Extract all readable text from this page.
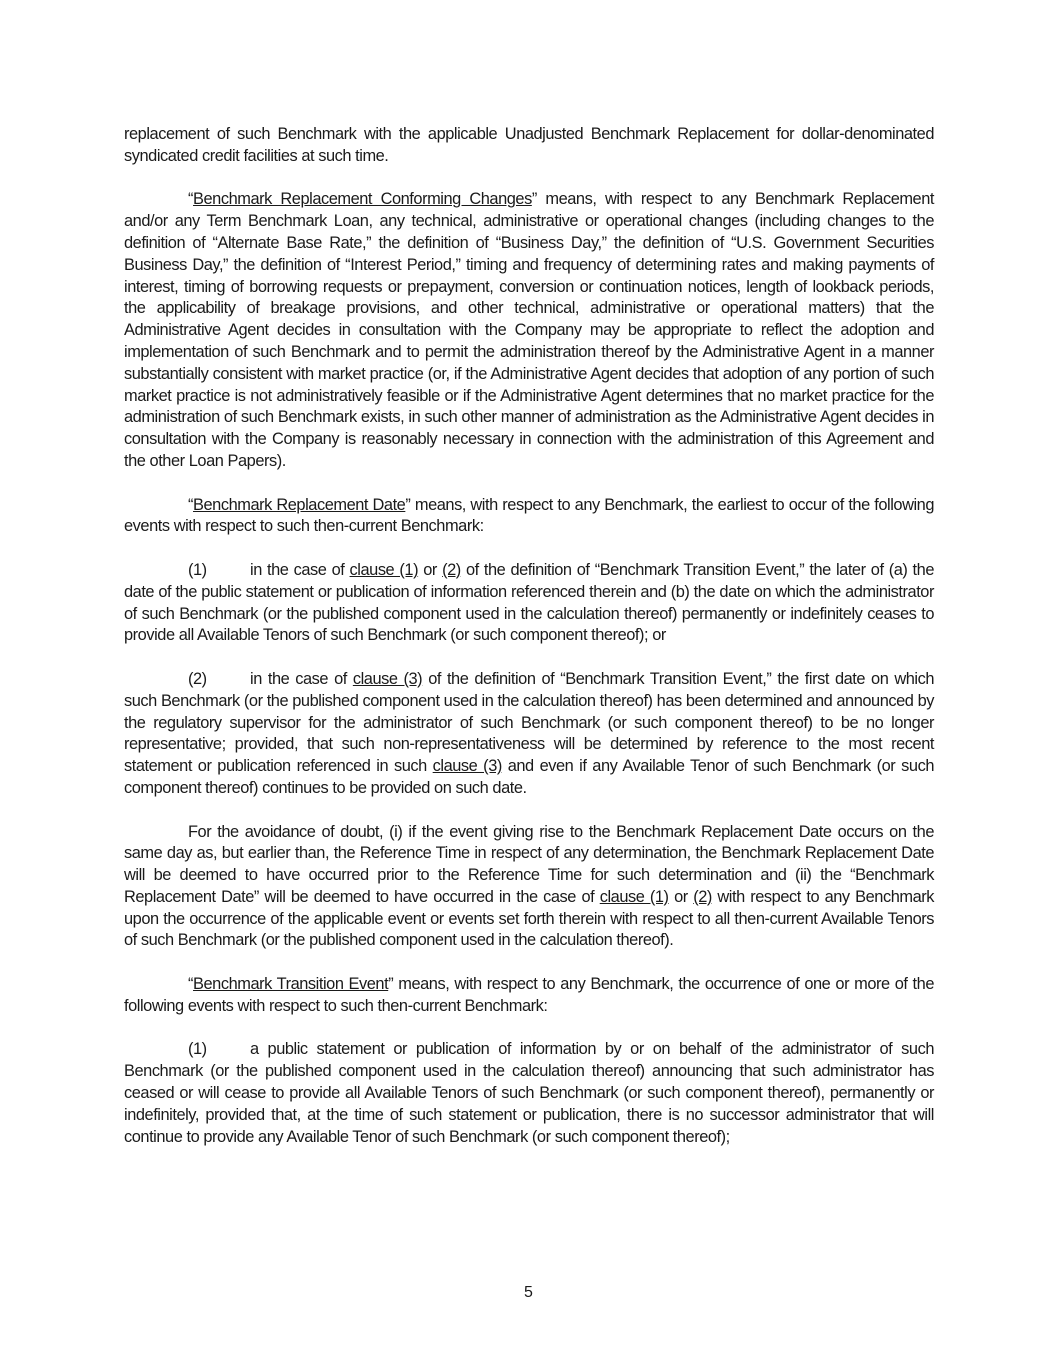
replacement of such Benchmark with the applicable Unadjusted Benchmark Replacement for dollar-denominated syndicated credit facilities at such time.

“Benchmark Replacement Conforming Changes” means, with respect to any Benchmark Replacement and/or any Term Benchmark Loan, any technical, administrative or operational changes (including changes to the definition of “Alternate Base Rate,” the definition of “Business Day,” the definition of “U.S. Government Securities Business Day,” the definition of “Interest Period,” timing and frequency of determining rates and making payments of interest, timing of borrowing requests or prepayment, conversion or continuation notices, length of lookback periods, the applicability of breakage provisions, and other technical, administrative or operational matters) that the Administrative Agent decides in consultation with the Company may be appropriate to reflect the adoption and implementation of such Benchmark and to permit the administration thereof by the Administrative Agent in a manner substantially consistent with market practice (or, if the Administrative Agent decides that adoption of any portion of such market practice is not administratively feasible or if the Administrative Agent determines that no market practice for the administration of such Benchmark exists, in such other manner of administration as the Administrative Agent decides in consultation with the Company is reasonably necessary in connection with the administration of this Agreement and the other Loan Papers).

“Benchmark Replacement Date” means, with respect to any Benchmark, the earliest to occur of the following events with respect to such then-current Benchmark:

(1)	in the case of clause (1) or (2) of the definition of “Benchmark Transition Event,” the later of (a) the date of the public statement or publication of information referenced therein and (b) the date on which the administrator of such Benchmark (or the published component used in the calculation thereof) permanently or indefinitely ceases to provide all Available Tenors of such Benchmark (or such component thereof); or

(2)	in the case of clause (3) of the definition of “Benchmark Transition Event,” the first date on which such Benchmark (or the published component used in the calculation thereof) has been determined and announced by the regulatory supervisor for the administrator of such Benchmark (or such component thereof) to be no longer representative; provided, that such non-representativeness will be determined by reference to the most recent statement or publication referenced in such clause (3) and even if any Available Tenor of such Benchmark (or such component thereof) continues to be provided on such date.

For the avoidance of doubt, (i) if the event giving rise to the Benchmark Replacement Date occurs on the same day as, but earlier than, the Reference Time in respect of any determination, the Benchmark Replacement Date will be deemed to have occurred prior to the Reference Time for such determination and (ii) the “Benchmark Replacement Date” will be deemed to have occurred in the case of clause (1) or (2) with respect to any Benchmark upon the occurrence of the applicable event or events set forth therein with respect to all then-current Available Tenors of such Benchmark (or the published component used in the calculation thereof).

“Benchmark Transition Event” means, with respect to any Benchmark, the occurrence of one or more of the following events with respect to such then-current Benchmark:

(1)	a public statement or publication of information by or on behalf of the administrator of such Benchmark (or the published component used in the calculation thereof) announcing that such administrator has ceased or will cease to provide all Available Tenors of such Benchmark (or such component thereof), permanently or indefinitely, provided that, at the time of such statement or publication, there is no successor administrator that will continue to provide any Available Tenor of such Benchmark (or such component thereof);

5
